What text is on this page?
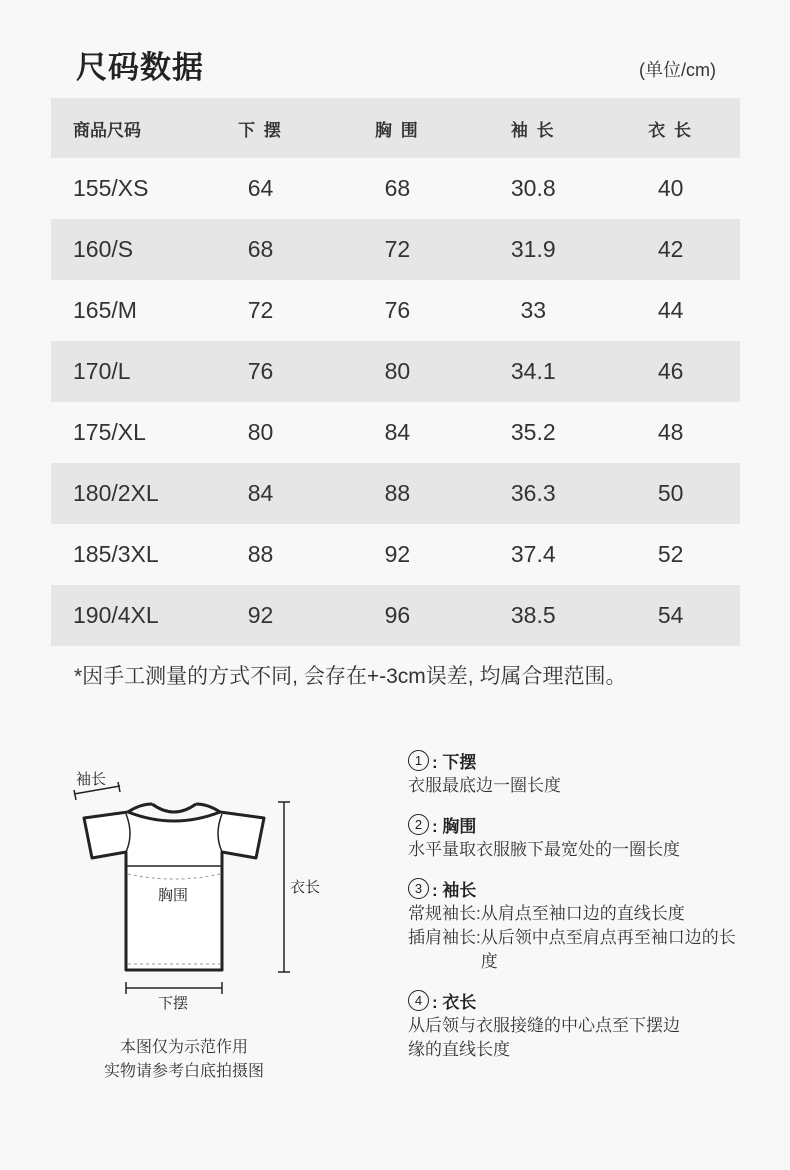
尺码数据	(单位/cm)
商品尺码	下 摆	胸 围	袖 长	衣 长
155/XS	64	68	30.8	40
160/S	68	72	31.9	42
165/M	72	76	33	44
170/L	76	80	34.1	46
175/XL	80	84	35.2	48
180/2XL	84	88	36.3	50
185/3XL	88	92	37.4	52
190/4XL	92	96	38.5	54
*因手工测量的方式不同, 会存在+-3cm误差, 均属合理范围。
袖长
胸围	衣长
下摆
本图仅为示范作用
实物请参考白底拍摄图
1 : 下摆
衣服最底边一圈长度
2 : 胸围
水平量取衣服腋下最宽处的一圈长度
3 : 袖长
常规袖长: 从肩点至袖口边的直线长度
插肩袖长: 从后领中点至肩点再至袖口边的长度
4 : 衣长
从后领与衣服接缝的中心点至下摆边
缘的直线长度
